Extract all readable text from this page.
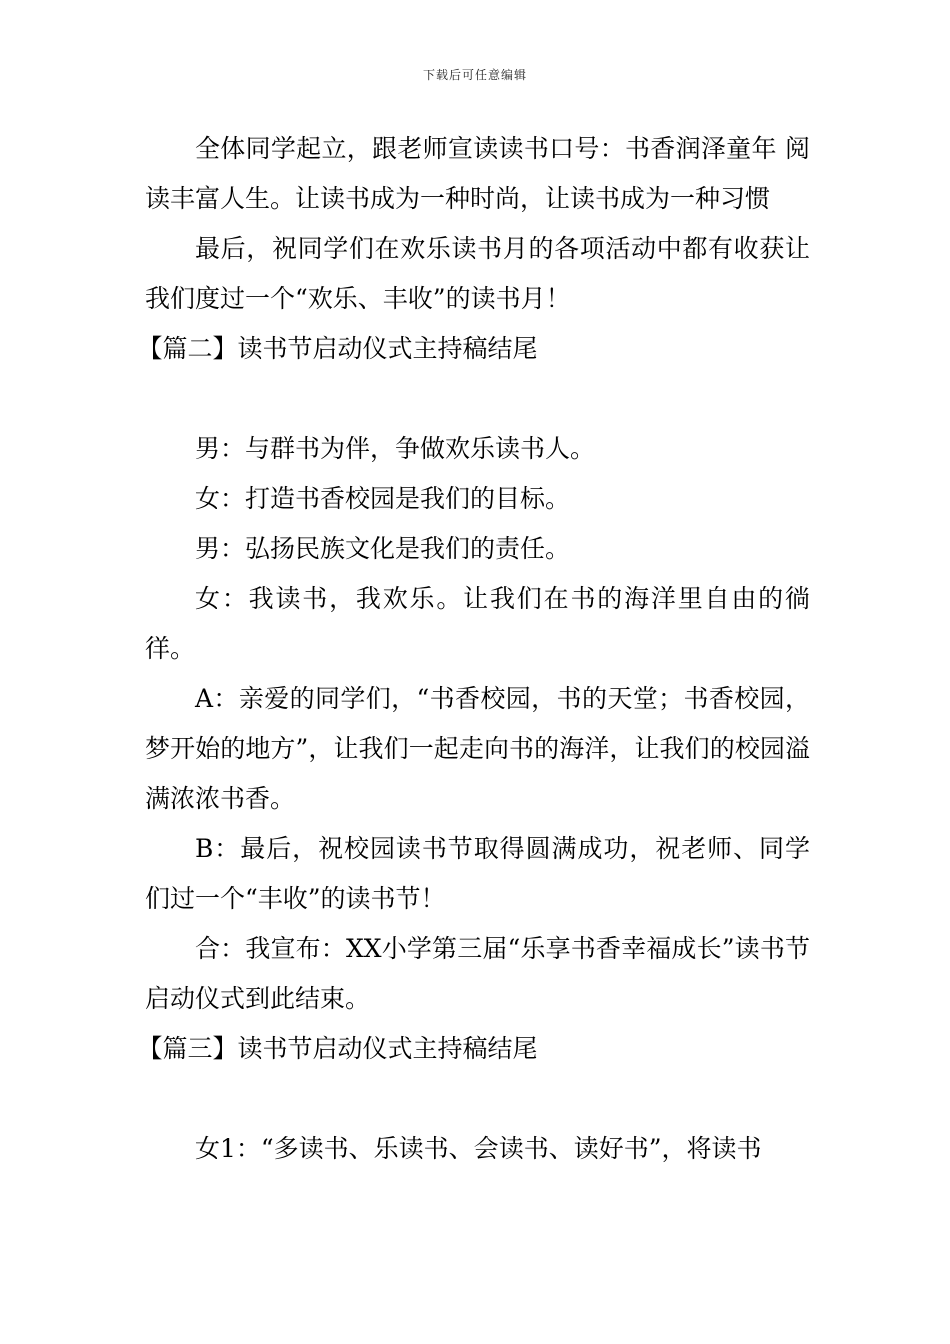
下载后可任意编辑

全体同学起立，跟老师宣读读书口号：书香润泽童年 阅读丰富人生。让读书成为一种时尚，让读书成为一种习惯

最后，祝同学们在欢乐读书月的各项活动中都有收获让我们度过一个“欢乐、丰收”的读书月！

【篇二】读书节启动仪式主持稿结尾

男：与群书为伴，争做欢乐读书人。

女：打造书香校园是我们的目标。

男：弘扬民族文化是我们的责任。

女：我读书，我欢乐。让我们在书的海洋里自由的徜徉。

A：亲爱的同学们，“书香校园，书的天堂；书香校园，梦开始的地方”，让我们一起走向书的海洋，让我们的校园溢满浓浓书香。

B：最后，祝校园读书节取得圆满成功，祝老师、同学们过一个“丰收”的读书节！

合：我宣布：XX小学第三届“乐享书香幸福成长”读书节启动仪式到此结束。

【篇三】读书节启动仪式主持稿结尾

女1：“多读书、乐读书、会读书、读好书”，将读书
